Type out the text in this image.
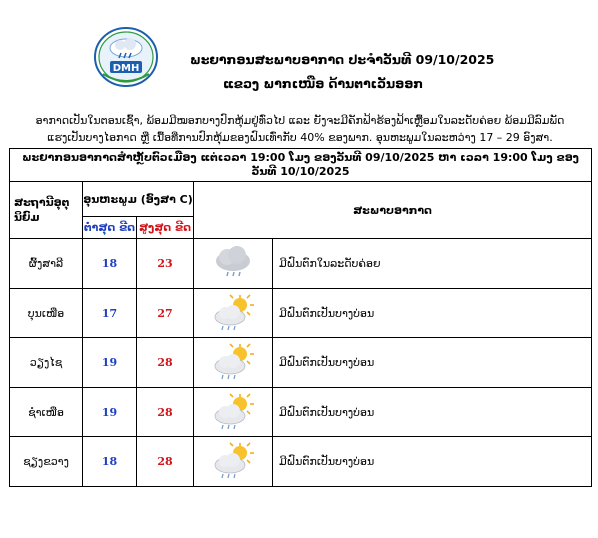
DMH
ພະຍາກອນສະພາບອາກາດ ປະຈຳວັນທີ 09/10/2025
ແຂວງ ພາກເໜືອ ດ້ານຕາເວັນອອກ
ອາກາດເປັນໃນຕອນເຊົ້າ, ພ້ອມມີໝອກບາງປົກຫຸ້ມຢູ່ທົ່ວໄປ ແລະ ຍັງຈະມີຄັກຟ້າຮ້ອງຟ້າເຫຼື້ອມໃນລະດັບຄ່ອຍ ພ້ອມມີລົມພັດ
ແຮງເປັນບາງໄອກາດ ຫຼື ເນື້ອທີ່ການປົກຫຸ້ມຂອງຝົນເທົ່າກັບ 40% ຂອງພາກ. ອຸນຫະພູມໃນລະຫວ່າງ 17 – 29 ອົງສາ.
ພະຍາກອນອາກາດສຳຫຼັບຕົວເມືອງ ແຕ່ເວລາ 19:00 ໂມງ ຂອງວັນທີ 09/10/2025 ຫາ ເວລາ 19:00 ໂມງ ຂອງວັນທີ 10/10/2025				
ສະຖານີອຸຕຸນິຍົມ	ອຸນຫະພູມ (ອົງສາ C)		ສະພາບອາກາດ	
	ຕ່ຳສຸດ ຂີດ	ສູງສຸດ ຂີດ		
ຜົ້ງສາລີ	18	23		ມີຝົນຕົກໃນລະດັບຄ່ອຍ
ບຸນເໜືອ	17	27		ມີຝົນຕົກເປັນບາງບ່ອນ
ວຽງໄຊ	19	28		ມີຝົນຕົກເປັນບາງບ່ອນ
ຊຳເໜືອ	19	28		ມີຝົນຕົກເປັນບາງບ່ອນ
ຊຽງຂວາງ	18	28		ມີຝົນຕົກເປັນບາງບ່ອນ
